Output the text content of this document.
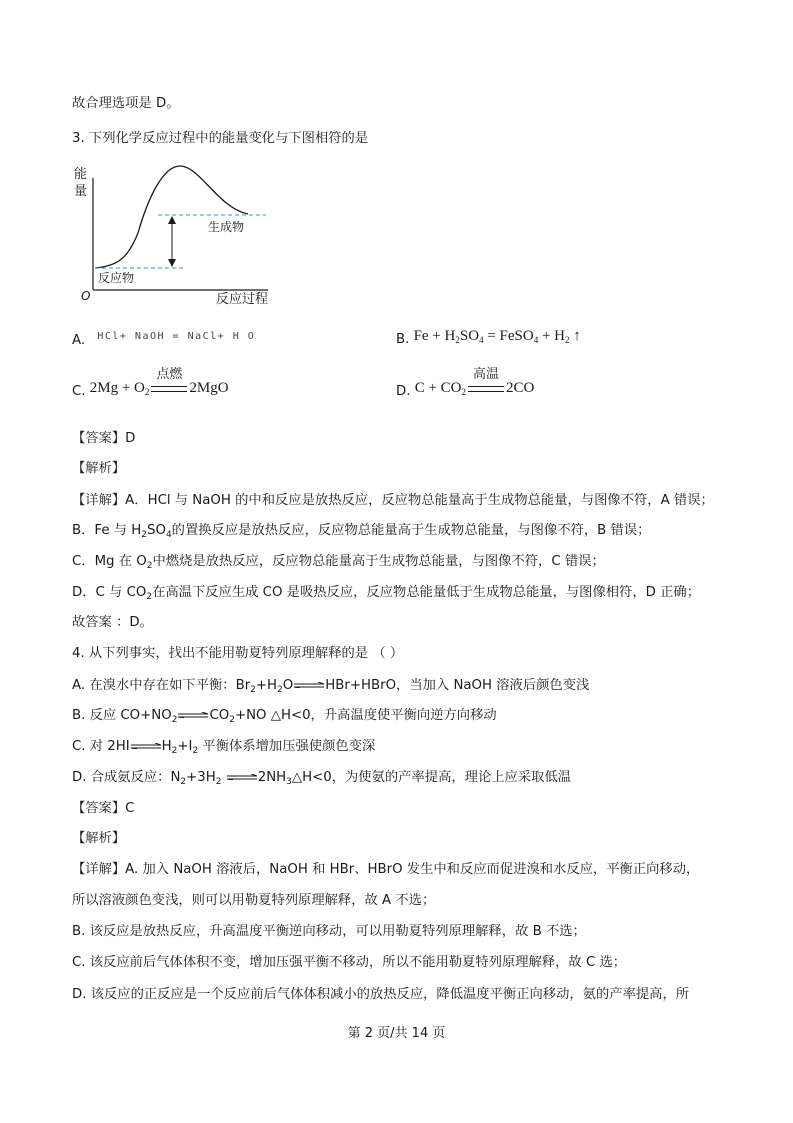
故合理选项是 D。
3. 下列化学反应过程中的能量变化与下图相符的是
能
量
O	反应过程
生成物
反应物
A. $^{HCl+ NaOH = NaCl+ H O}$	B. $Fe + H_2SO_4$ = FeSO$_4$ + $H_2$ ↑
C. $2Mg + O_2$
点燃
2MgO	D. $C + CO_2$
高温
2CO
【答案】D
【解析】
【详解】A．HCl 与 NaOH 的中和反应是放热反应，反应物总能量高于生成物总能量，与图像不符，A 错误；
B．Fe 与 $H_2SO_4$的置换反应是放热反应，反应物总能量高于生成物总能量，与图像不符，B 错误；
C．Mg 在 $O_2$中燃烧是放热反应，反应物总能量高于生成物总能量，与图像不符，C 错误；
D．C 与 $CO_2$在高温下反应生成 CO 是吸热反应，反应物总能量低于生成物总能量，与图像相符，D 正确；
故答案 ：D。
4. 从下列事实，找出不能用勒夏特列原理解释的是 （ ）
A. 在溴水中存在如下平衡：$Br_2+H_2O\rightleftharpoons HBr+HBrO$，当加入 NaOH 溶液后颜色变浅
B. 反应 $CO+NO_2\rightleftharpoons CO_2+NO$ △H<0，升高温度使平衡向逆方向移动
C. 对 $2HI\rightleftharpoons H_2+I_2$ 平衡体系增加压强使颜色变深
D. 合成氨反应：$N_2+3H_2$ $\rightleftharpoons 2NH_3\triangle H<0$，为使氨的产率提高，理论上应采取低温
【答案】C
【解析】
【详解】A. 加入 NaOH 溶液后，NaOH 和 HBr、HBrO 发生中和反应而促进溴和水反应，平衡正向移动，
所以溶液颜色变浅，则可以用勒夏特列原理解释，故 A 不选；
B. 该反应是放热反应，升高温度平衡逆向移动，可以用勒夏特列原理解释，故 B 不选；
C. 该反应前后气体体积不变，增加压强平衡不移动，所以不能用勒夏特列原理解释，故 C 选；
D. 该反应的正反应是一个反应前后气体体积减小的放热反应，降低温度平衡正向移动，氨的产率提高，所
第 2 页/共 14 页
